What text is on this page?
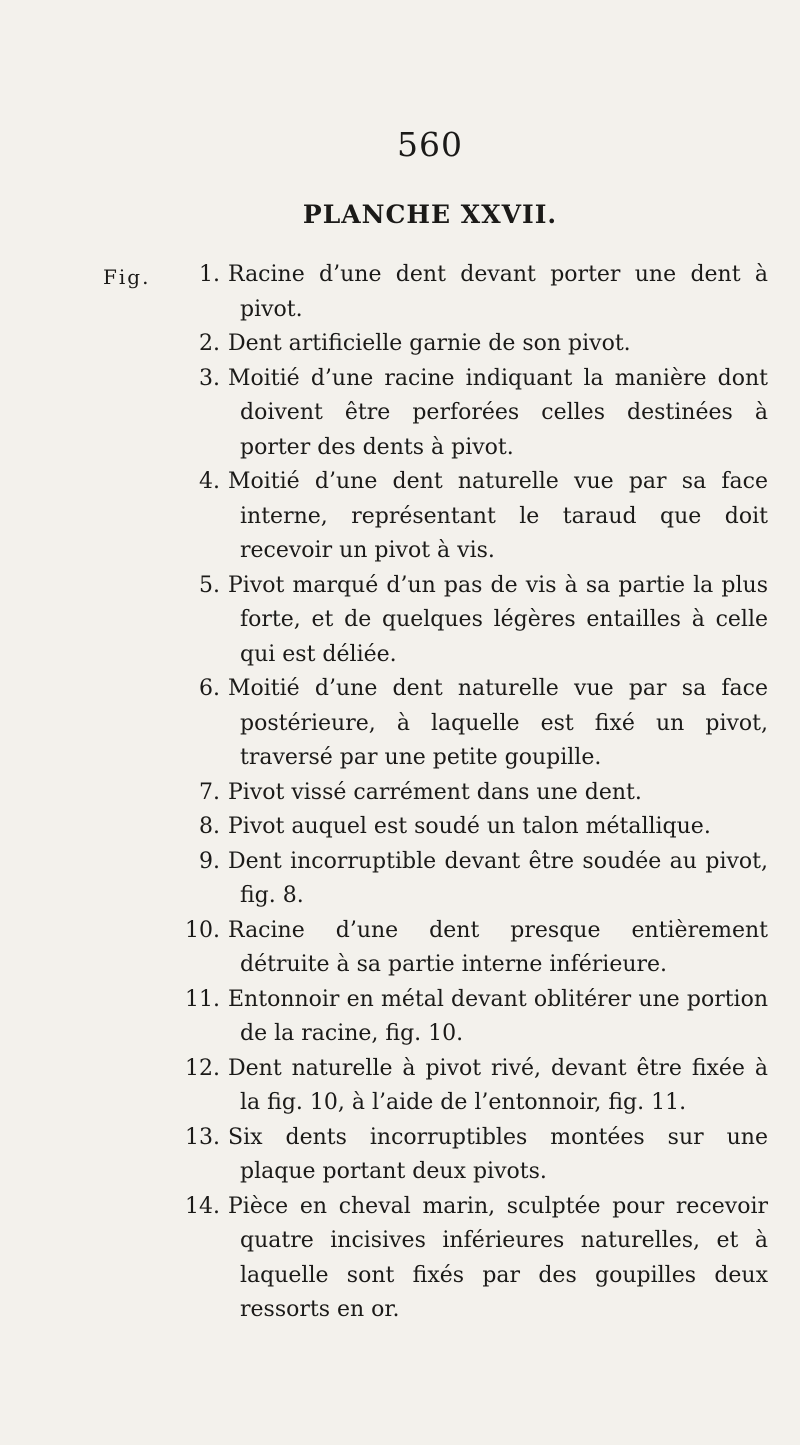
560
PLANCHE XXVII.
Fig.	1. Racine d’une dent devant porter une dent à pivot.
2. Dent artificielle garnie de son pivot.
3. Moitié d’une racine indiquant la manière dont doivent être perforées celles destinées à porter des dents à pivot.
4. Moitié d’une dent naturelle vue par sa face interne, représentant le taraud que doit recevoir un pivot à vis.
5. Pivot marqué d’un pas de vis à sa partie la plus forte, et de quelques légères entailles à celle qui est déliée.
6. Moitié d’une dent naturelle vue par sa face postérieure, à laquelle est fixé un pivot, traversé par une petite goupille.
7. Pivot vissé carrément dans une dent.
8. Pivot auquel est soudé un talon métallique.
9. Dent incorruptible devant être soudée au pivot, fig. 8.
10. Racine d’une dent presque entièrement détruite à sa partie interne inférieure.
11. Entonnoir en métal devant oblitérer une portion de la racine, fig. 10.
12. Dent naturelle à pivot rivé, devant être fixée à la fig. 10, à l’aide de l’entonnoir, fig. 11.
13. Six dents incorruptibles montées sur une plaque portant deux pivots.
14. Pièce en cheval marin, sculptée pour recevoir quatre incisives inférieures naturelles, et à laquelle sont fixés par des goupilles deux ressorts en or.
